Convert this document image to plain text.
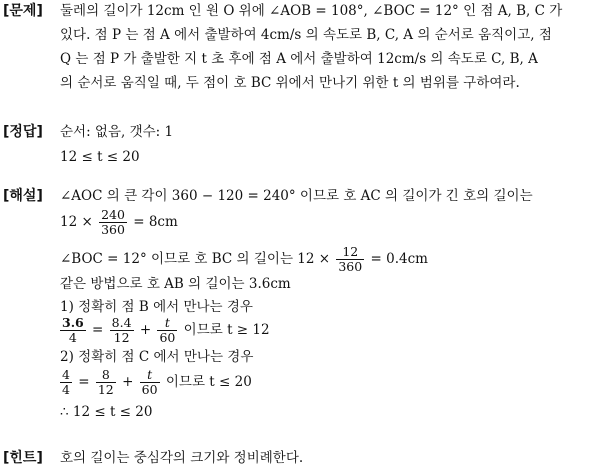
[문제] 둘레의 길이가 12cm 인 원 O 위에 ∠AOB = 108°, ∠BOC = 12° 인 점 A, B, C 가
있다. 점 P 는 점 A 에서 출발하여 4cm/s 의 속도로 B, C, A 의 순서로 움직이고, 점
Q 는 점 P 가 출발한 지 t 초 후에 점 A 에서 출발하여 12cm/s 의 속도로 C, B, A
의 순서로 움직일 때, 두 점이 호 BC 위에서 만나기 위한 t 의 범위를 구하여라.
[정답] 순서: 없음, 갯수: 1
12 ≤ t ≤ 20
[해설] ∠AOC 의 큰 각이 360 − 120 = 240° 이므로 호 AC 의 길이가 긴 호의 길이는
$12 \times \frac{240}{360} = 8cm$
∠BOC = 12° 이므로 호 BC 의 길이는 $12 \times \frac{12}{360} = 0.4cm$
같은 방법으로 호 AB 의 길이는 3.6cm
1) 정확히 점 B 에서 만나는 경우
$\frac{3.6}{4} = \frac{8.4}{12} + \frac{t}{60}$ 이므로 t ≥ 12
2) 정확히 점 C 에서 만나는 경우
$\frac{4}{4} = \frac{8}{12} + \frac{t}{60}$ 이므로 t ≤ 20
∴ 12 ≤ t ≤ 20
[힌트] 호의 길이는 중심각의 크기와 정비례한다.
